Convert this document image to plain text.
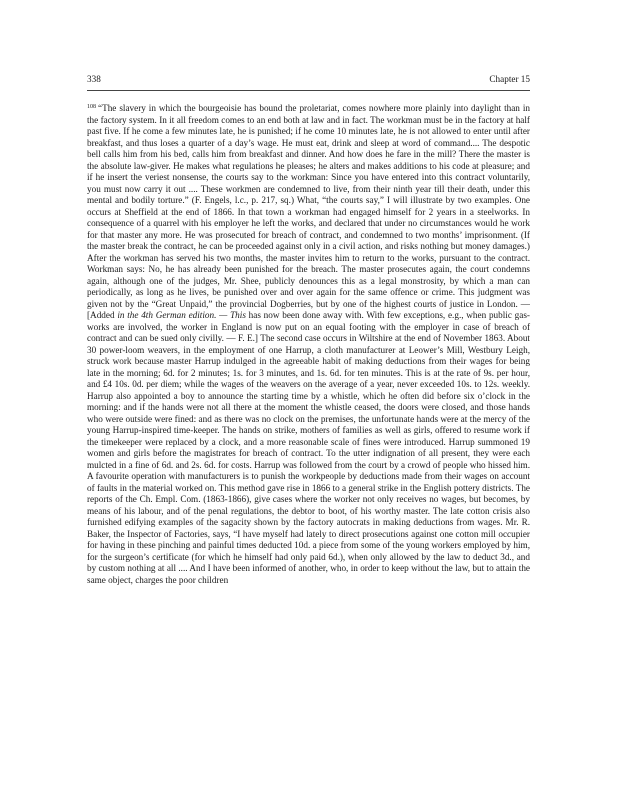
338	Chapter 15
$^{108}$ “The slavery in which the bourgeoisie has bound the proletariat, comes nowhere more plainly into daylight than in the factory system. In it all freedom comes to an end both at law and in fact. The workman must be in the factory at half past five. If he come a few minutes late, he is punished; if he come 10 minutes late, he is not allowed to enter until after breakfast, and thus loses a quarter of a day’s wage. He must eat, drink and sleep at word of command.... The despotic bell calls him from his bed, calls him from breakfast and dinner. And how does he fare in the mill? There the master is the absolute law-giver. He makes what regulations he pleases; he alters and makes additions to his code at pleasure; and if he insert the veriest nonsense, the courts say to the workman: Since you have entered into this contract voluntarily, you must now carry it out .... These workmen are condemned to live, from their ninth year till their death, under this mental and bodily torture.” (F. Engels, l.c., p. 217, sq.) What, “the courts say,” I will illustrate by two examples. One occurs at Sheffield at the end of 1866. In that town a workman had engaged himself for 2 years in a steelworks. In consequence of a quarrel with his employer he left the works, and declared that under no circumstances would he work for that master any more. He was prosecuted for breach of contract, and condemned to two months’ imprisonment. (If the master break the contract, he can be proceeded against only in a civil action, and risks nothing but money damages.) After the workman has served his two months, the master invites him to return to the works, pursuant to the contract. Workman says: No, he has already been punished for the breach. The master prosecutes again, the court condemns again, although one of the judges, Mr. Shee, publicly denounces this as a legal monstrosity, by which a man can periodically, as long as he lives, be punished over and over again for the same offence or crime. This judgment was given not by the “Great Unpaid,” the provincial Dogberries, but by one of the highest courts of justice in London. — [Added in the 4th German edition. — This has now been done away with. With few exceptions, e.g., when public gas-works are involved, the worker in England is now put on an equal footing with the employer in case of breach of contract and can be sued only civilly. — F. E.] The second case occurs in Wiltshire at the end of November 1863. About 30 power-loom weavers, in the employment of one Harrup, a cloth manufacturer at Leower’s Mill, Westbury Leigh, struck work because master Harrup indulged in the agreeable habit of making deductions from their wages for being late in the morning; 6d. for 2 minutes; 1s. for 3 minutes, and 1s. 6d. for ten minutes. This is at the rate of 9s. per hour, and £4 10s. 0d. per diem; while the wages of the weavers on the average of a year, never exceeded 10s. to 12s. weekly. Harrup also appointed a boy to announce the starting time by a whistle, which he often did before six o’clock in the morning: and if the hands were not all there at the moment the whistle ceased, the doors were closed, and those hands who were outside were fined: and as there was no clock on the premises, the unfortunate hands were at the mercy of the young Harrup-inspired time-keeper. The hands on strike, mothers of families as well as girls, offered to resume work if the timekeeper were replaced by a clock, and a more reasonable scale of fines were introduced. Harrup summoned 19 women and girls before the magistrates for breach of contract. To the utter indignation of all present, they were each mulcted in a fine of 6d. and 2s. 6d. for costs. Harrup was followed from the court by a crowd of people who hissed him. A favourite operation with manufacturers is to punish the workpeople by deductions made from their wages on account of faults in the material worked on. This method gave rise in 1866 to a general strike in the English pottery districts. The reports of the Ch. Empl. Com. (1863-1866), give cases where the worker not only receives no wages, but becomes, by means of his labour, and of the penal regulations, the debtor to boot, of his worthy master. The late cotton crisis also furnished edifying examples of the sagacity shown by the factory autocrats in making deductions from wages. Mr. R. Baker, the Inspector of Factories, says, “I have myself had lately to direct prosecutions against one cotton mill occupier for having in these pinching and painful times deducted 10d. a piece from some of the young workers employed by him, for the surgeon’s certificate (for which he himself had only paid 6d.), when only allowed by the law to deduct 3d., and by custom nothing at all .... And I have been informed of another, who, in order to keep without the law, but to attain the same object, charges the poor children
